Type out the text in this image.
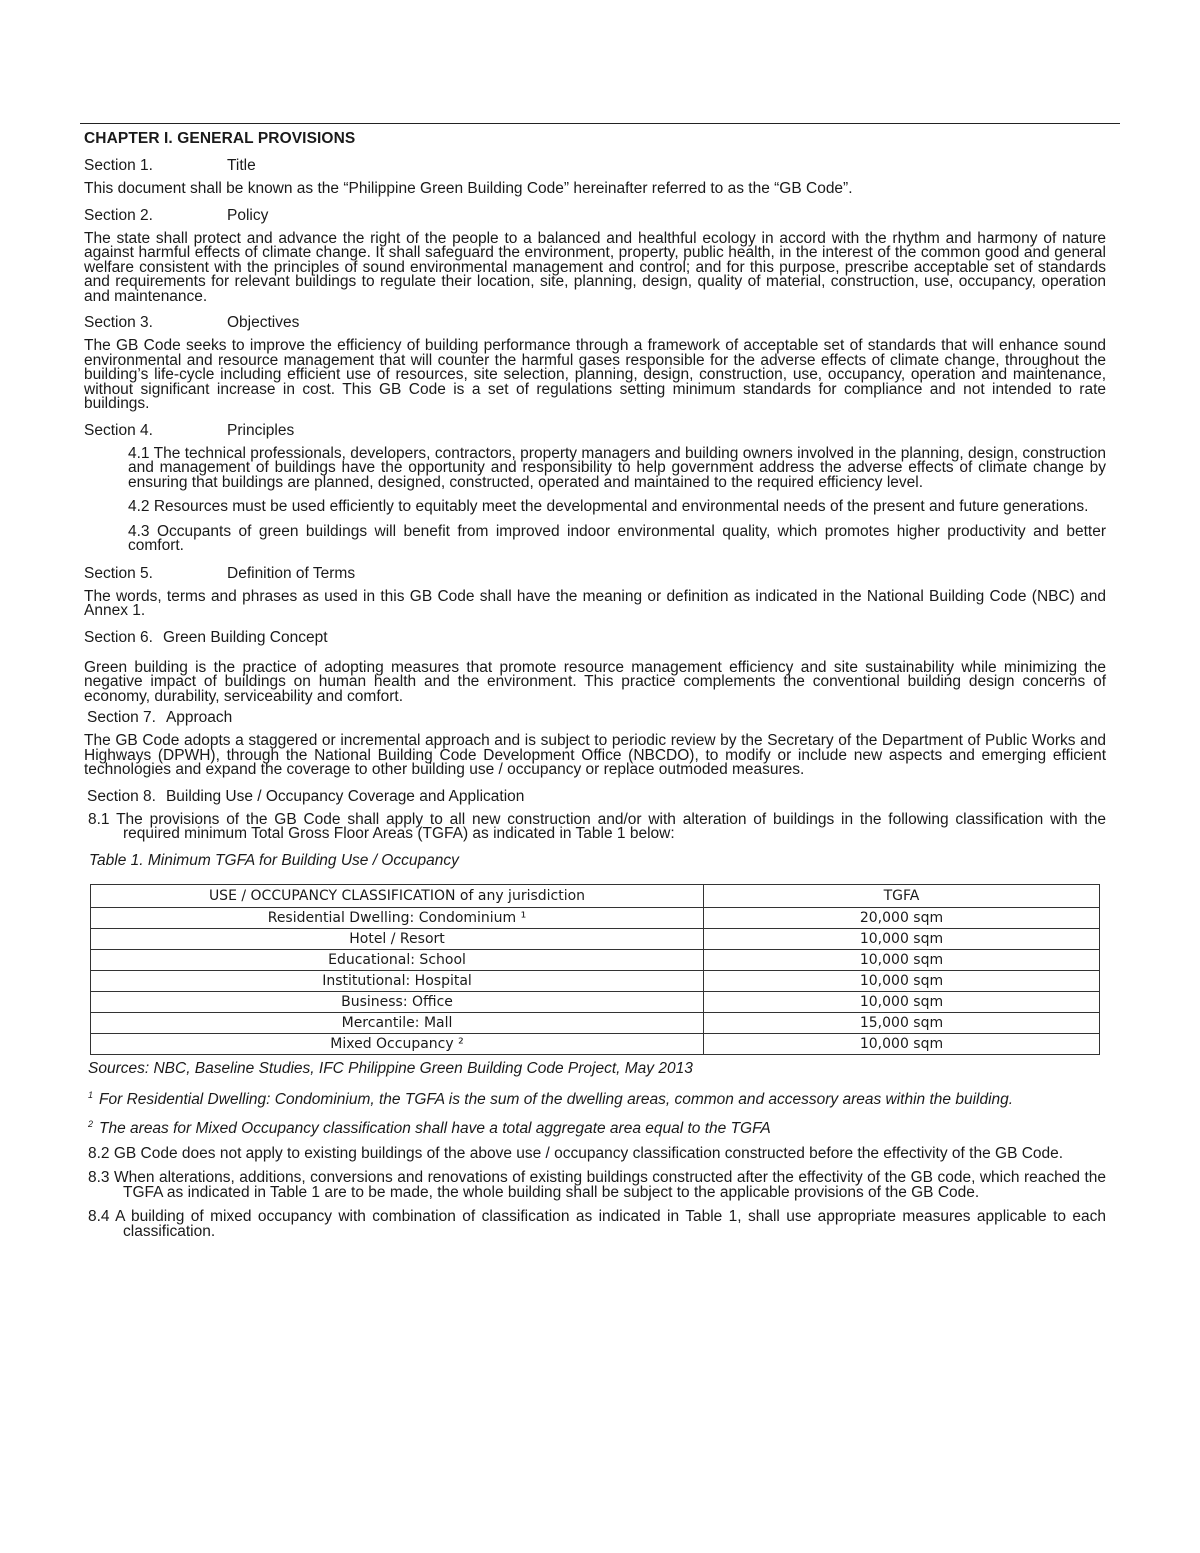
CHAPTER I. GENERAL PROVISIONS
Section 1.	Title

This document shall be known as the “Philippine Green Building Code” hereinafter referred to as the “GB Code”.

Section 2.	Policy

The state shall protect and advance the right of the people to a balanced and healthful ecology in accord with the rhythm and harmony of nature against harmful effects of climate change. It shall safeguard the environment, property, public health, in the interest of the common good and general welfare consistent with the principles of sound environmental management and control; and for this purpose, prescribe acceptable set of standards and requirements for relevant buildings to regulate their location, site, planning, design, quality of material, construction, use, occupancy, operation and maintenance.

Section 3.	Objectives

The GB Code seeks to improve the efficiency of building performance through a framework of acceptable set of standards that will enhance sound environmental and resource management that will counter the harmful gases responsible for the adverse effects of climate change, throughout the building’s life-cycle including efficient use of resources, site selection, planning, design, construction, use, occupancy, operation and maintenance, without significant increase in cost. This GB Code is a set of regulations setting minimum standards for compliance and not intended to rate buildings.

Section 4.	Principles

4.1 The technical professionals, developers, contractors, property managers and building owners involved in the planning, design, construction and management of buildings have the opportunity and responsibility to help government address the adverse effects of climate change by ensuring that buildings are planned, designed, constructed, operated and maintained to the required efficiency level.

4.2 Resources must be used efficiently to equitably meet the developmental and environmental needs of the present and future generations.

4.3 Occupants of green buildings will benefit from improved indoor environmental quality, which promotes higher productivity and better comfort.

Section 5.	Definition of Terms

The words, terms and phrases as used in this GB Code shall have the meaning or definition as indicated in the National Building Code (NBC) and Annex 1.

Section 6. Green Building Concept

Green building is the practice of adopting measures that promote resource management efficiency and site sustainability while minimizing the negative impact of buildings on human health and the environment. This practice complements the conventional building design concerns of economy, durability, serviceability and comfort.

Section 7. Approach

The GB Code adopts a staggered or incremental approach and is subject to periodic review by the Secretary of the Department of Public Works and Highways (DPWH), through the National Building Code Development Office (NBCDO), to modify or include new aspects and emerging efficient technologies and expand the coverage to other building use / occupancy or replace outmoded measures.

Section 8. Building Use / Occupancy Coverage and Application

8.1 The provisions of the GB Code shall apply to all new construction and/or with alteration of buildings in the following classification with the required minimum Total Gross Floor Areas (TGFA) as indicated in Table 1 below:

Table 1. Minimum TGFA for Building Use / Occupancy
USE / OCCUPANCY CLASSIFICATION of any jurisdiction	TGFA
Residential Dwelling: Condominium ¹	20,000 sqm
Hotel / Resort	10,000 sqm
Educational: School	10,000 sqm
Institutional: Hospital	10,000 sqm
Business: Office	10,000 sqm
Mercantile: Mall	15,000 sqm
Mixed Occupancy ²	10,000 sqm
Sources: NBC, Baseline Studies, IFC Philippine Green Building Code Project, May 2013

$^1$ For Residential Dwelling: Condominium, the TGFA is the sum of the dwelling areas, common and accessory areas within the building.

$^2$ The areas for Mixed Occupancy classification shall have a total aggregate area equal to the TGFA

8.2 GB Code does not apply to existing buildings of the above use / occupancy classification constructed before the effectivity of the GB Code.

8.3 When alterations, additions, conversions and renovations of existing buildings constructed after the effectivity of the GB code, which reached the TGFA as indicated in Table 1 are to be made, the whole building shall be subject to the applicable provisions of the GB Code.

8.4 A building of mixed occupancy with combination of classification as indicated in Table 1, shall use appropriate measures applicable to each classification.
